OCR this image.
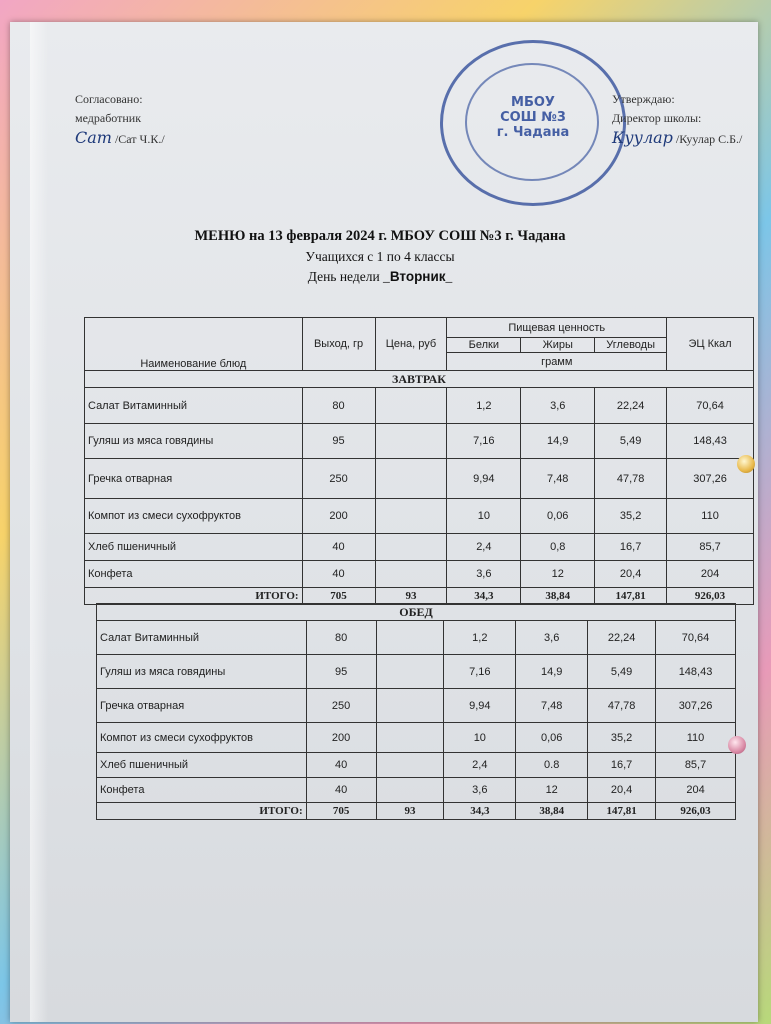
Согласовано:
медработник
Сат /Сат Ч.К./
МБОУ
СОШ №3
г. Чадана
Утверждаю:
Директор школы:
Куулар /Куулар С.Б./
МЕНЮ на 13 февраля 2024 г. МБОУ СОШ №3 г. Чадана
Учащихся с 1 по 4 классы
День недели _Вторник_
Наименование блюд	Выход, гр	Цена, руб	Пищевая ценность			ЭЦ Ккал
			Белки	Жиры	Углеводы	
			грамм			
ЗАВТРАК						
Салат Витаминный	80		1,2	3,6	22,24	70,64
Гуляш из мяса говядины	95		7,16	14,9	5,49	148,43
Гречка отварная	250		9,94	7,48	47,78	307,26
Компот из смеси сухофруктов	200		10	0,06	35,2	110
Хлеб пшеничный	40		2,4	0,8	16,7	85,7
Конфета	40		3,6	12	20,4	204
ИТОГО:	705	93	34,3	38,84	147,81	926,03
ОБЕД						
Салат Витаминный	80		1,2	3,6	22,24	70,64
Гуляш из мяса говядины	95		7,16	14,9	5,49	148,43
Гречка отварная	250		9,94	7,48	47,78	307,26
Компот из смеси сухофруктов	200		10	0,06	35,2	110
Хлеб пшеничный	40		2,4	0.8	16,7	85,7
Конфета	40		3,6	12	20,4	204
ИТОГО:	705	93	34,3	38,84	147,81	926,03
